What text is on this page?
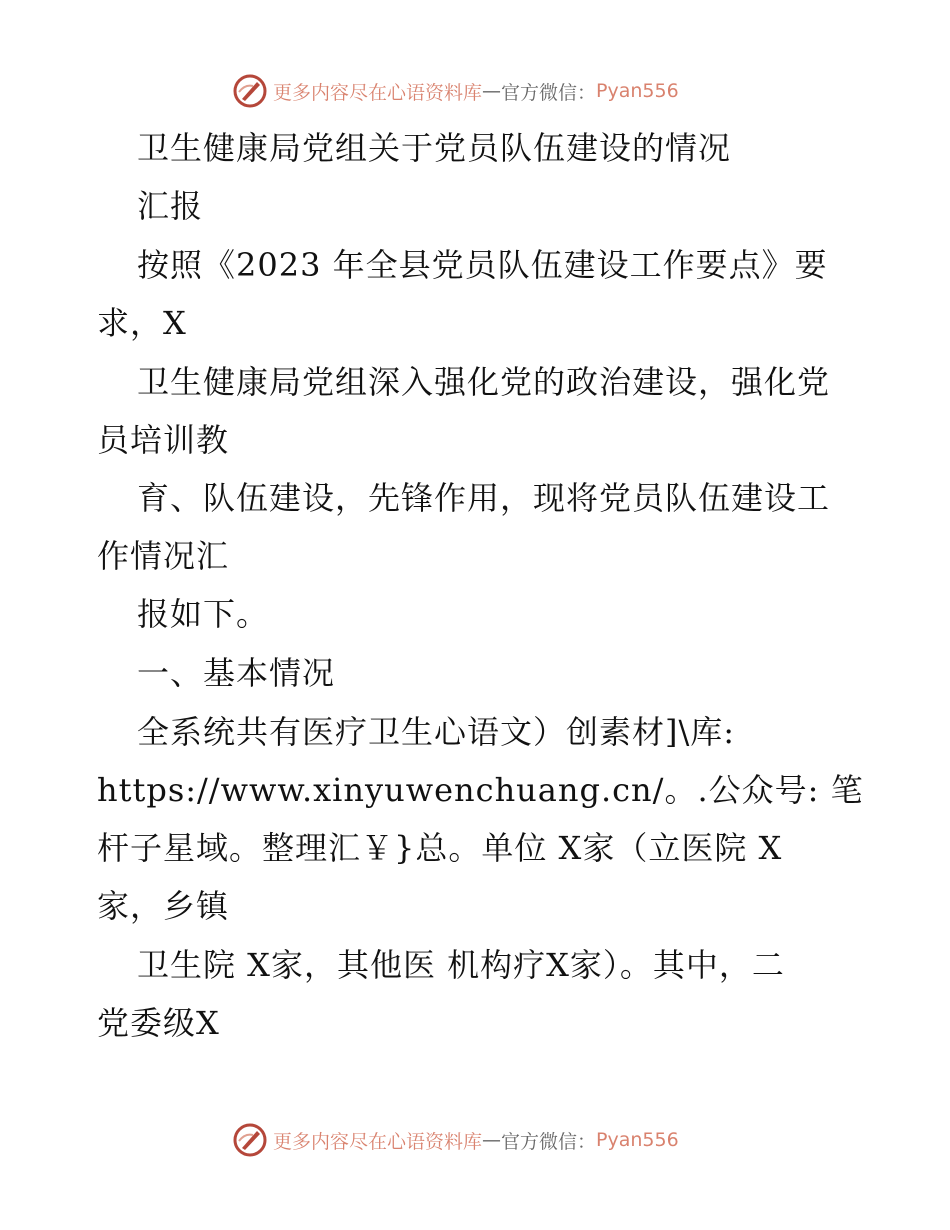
更多内容尽在心语资料库 — 官方微信： Pyan556
卫生健康局党组关于党员队伍建设的情况
汇报
按照《2023 年全县党员队伍建设工作要点》要
求，X
卫生健康局党组深入强化党的政治建设，强化党
员培训教
育、队伍建设，先锋作用，现将党员队伍建设工
作情况汇
报如下。
一、基本情况
全系统共有医疗卫生心语文）创素材]\库:
https://www.xinyuwenchuang.cn/。.公众号: 笔
杆子星域。整理汇￥}总。单位 X家（立医院 X
家，乡镇
卫生院 X家，其他医 机构疗X家）。其中，二
党委级X
更多内容尽在心语资料库 — 官方微信： Pyan556
